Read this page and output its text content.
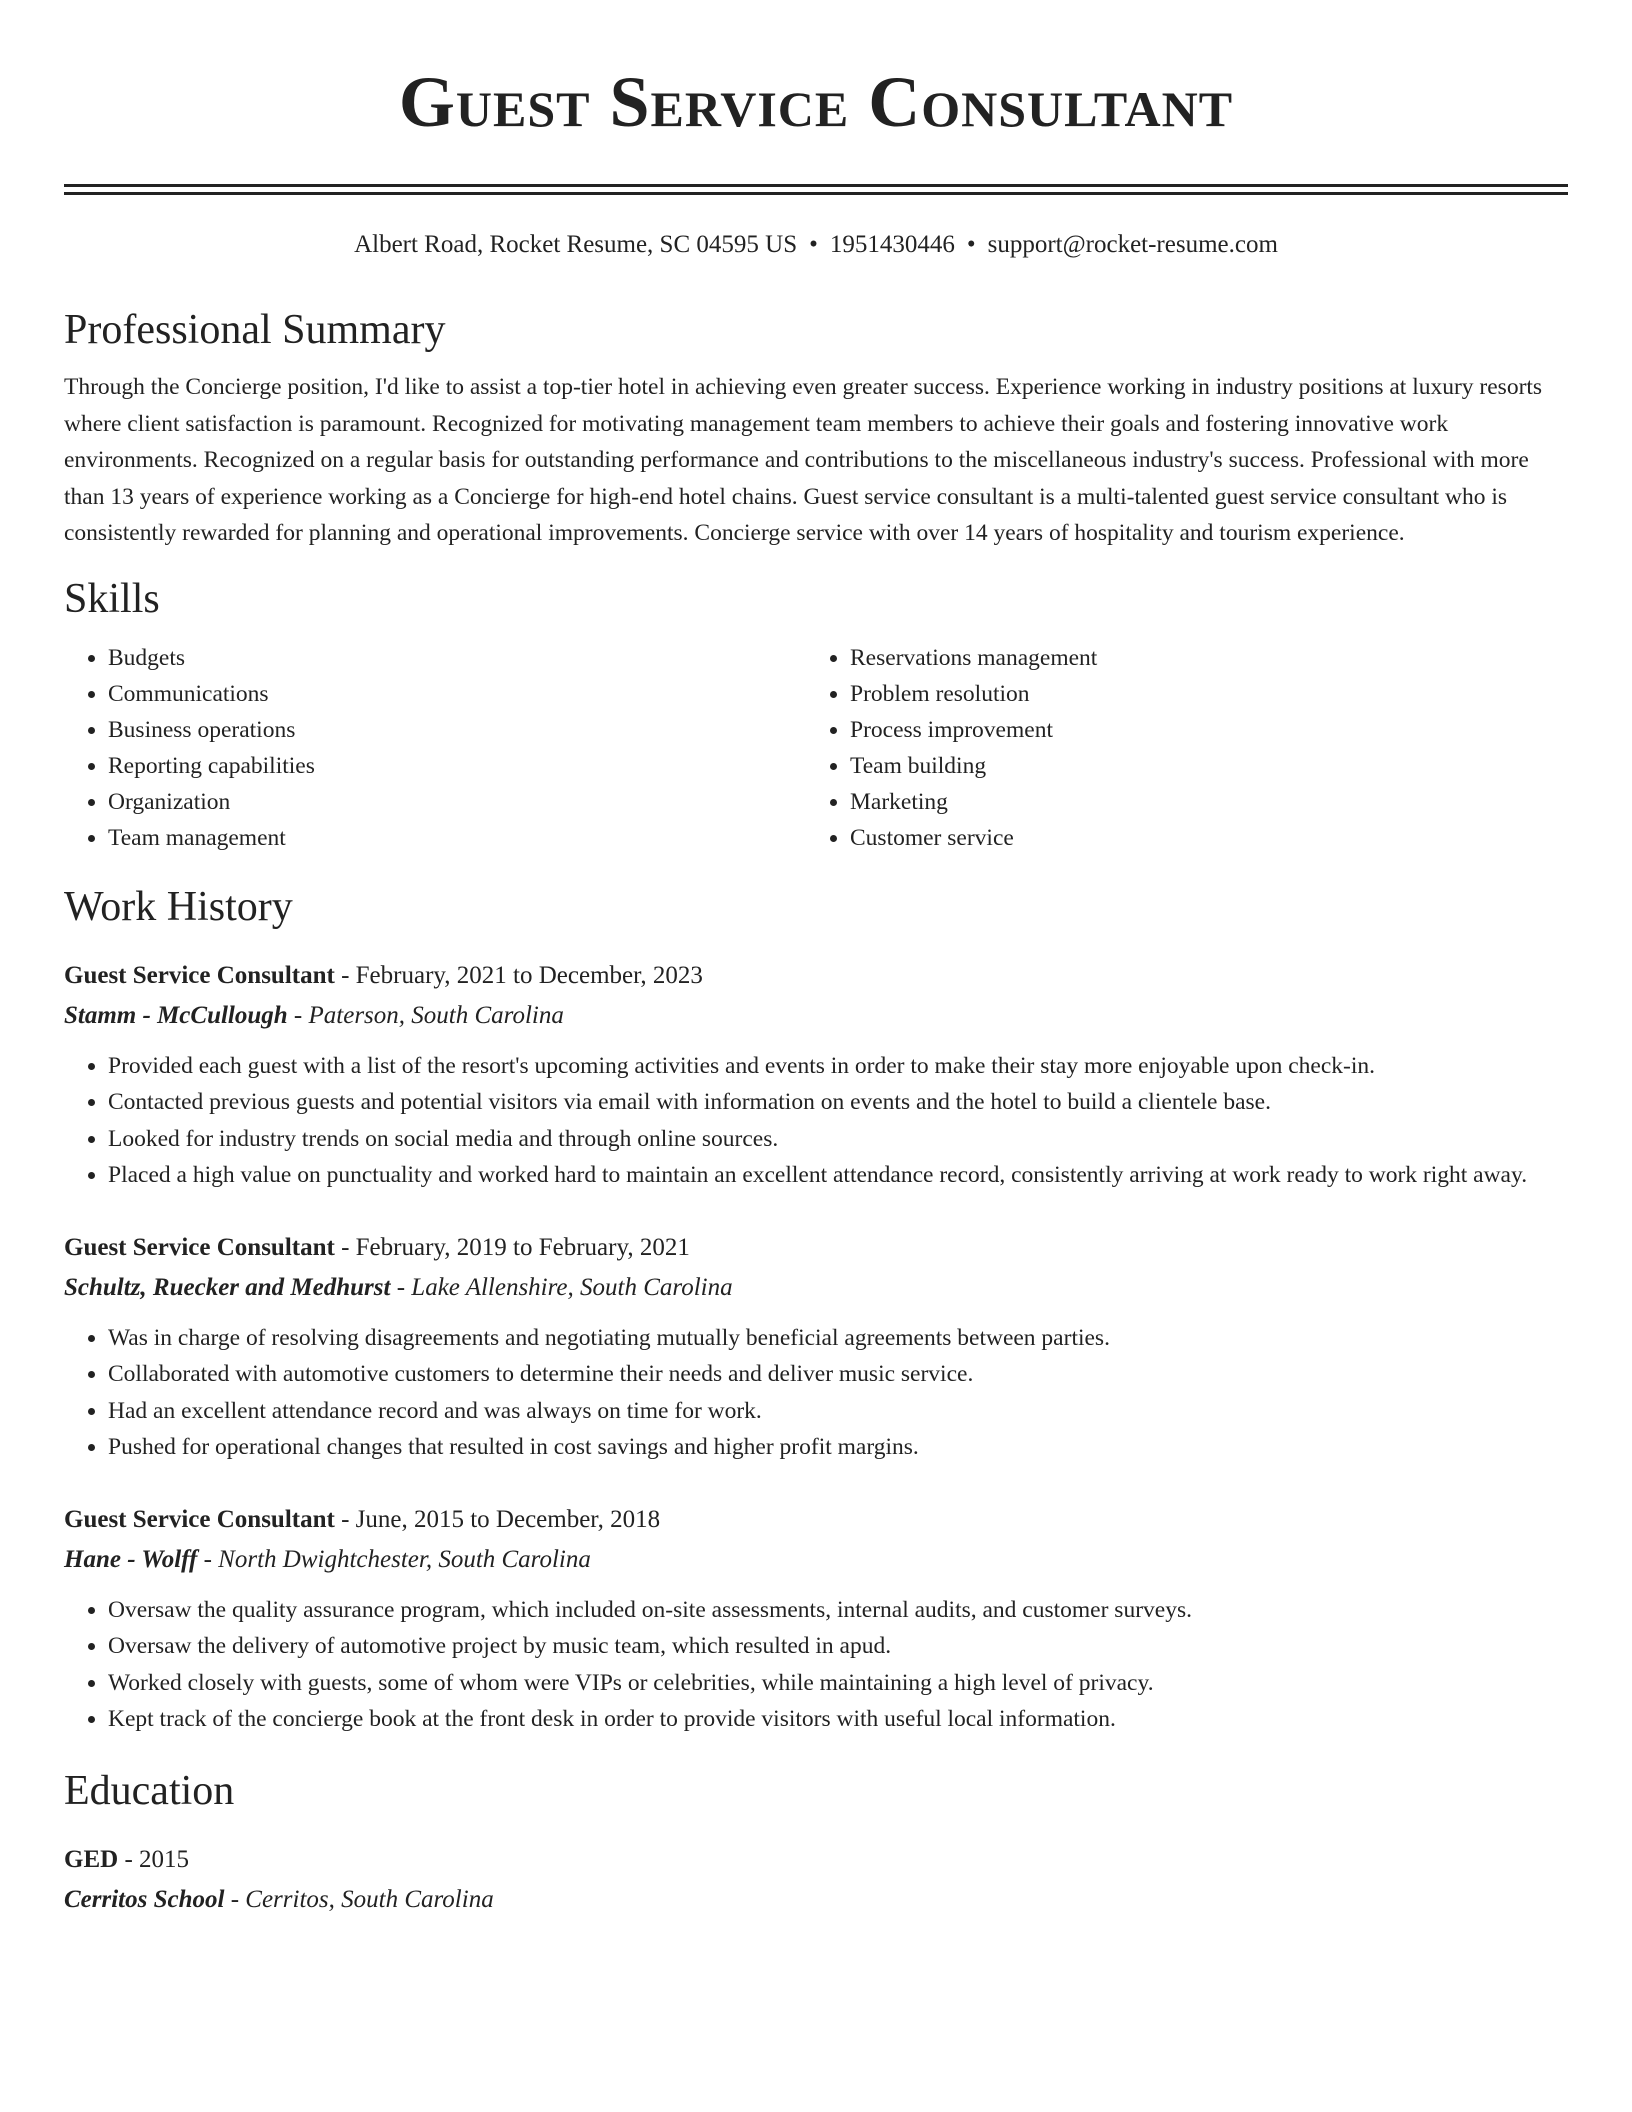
Guest Service Consultant
Albert Road, Rocket Resume, SC 04595 US • 1951430446 • support@rocket-resume.com
Professional Summary

Through the Concierge position, I'd like to assist a top-tier hotel in achieving even greater success. Experience working in industry positions at luxury resorts where client satisfaction is paramount. Recognized for motivating management team members to achieve their goals and fostering innovative work environments. Recognized on a regular basis for outstanding performance and contributions to the miscellaneous industry's success. Professional with more than 13 years of experience working as a Concierge for high-end hotel chains. Guest service consultant is a multi-talented guest service consultant who is consistently rewarded for planning and operational improvements. Concierge service with over 14 years of hospitality and tourism experience.

Skills
• Budgets
• Communications
• Business operations
• Reporting capabilities
• Organization
• Team management
• Reservations management
• Problem resolution
• Process improvement
• Team building
• Marketing
• Customer service
Work History
Guest Service Consultant - February, 2021 to December, 2023
Stamm - McCullough - Paterson, South Carolina
• Provided each guest with a list of the resort's upcoming activities and events in order to make their stay more enjoyable upon check-in.
• Contacted previous guests and potential visitors via email with information on events and the hotel to build a clientele base.
• Looked for industry trends on social media and through online sources.
• Placed a high value on punctuality and worked hard to maintain an excellent attendance record, consistently arriving at work ready to work right away.
Guest Service Consultant - February, 2019 to February, 2021
Schultz, Ruecker and Medhurst - Lake Allenshire, South Carolina
• Was in charge of resolving disagreements and negotiating mutually beneficial agreements between parties.
• Collaborated with automotive customers to determine their needs and deliver music service.
• Had an excellent attendance record and was always on time for work.
• Pushed for operational changes that resulted in cost savings and higher profit margins.
Guest Service Consultant - June, 2015 to December, 2018
Hane - Wolff - North Dwightchester, South Carolina
• Oversaw the quality assurance program, which included on-site assessments, internal audits, and customer surveys.
• Oversaw the delivery of automotive project by music team, which resulted in apud.
• Worked closely with guests, some of whom were VIPs or celebrities, while maintaining a high level of privacy.
• Kept track of the concierge book at the front desk in order to provide visitors with useful local information.
Education
GED - 2015
Cerritos School - Cerritos, South Carolina
